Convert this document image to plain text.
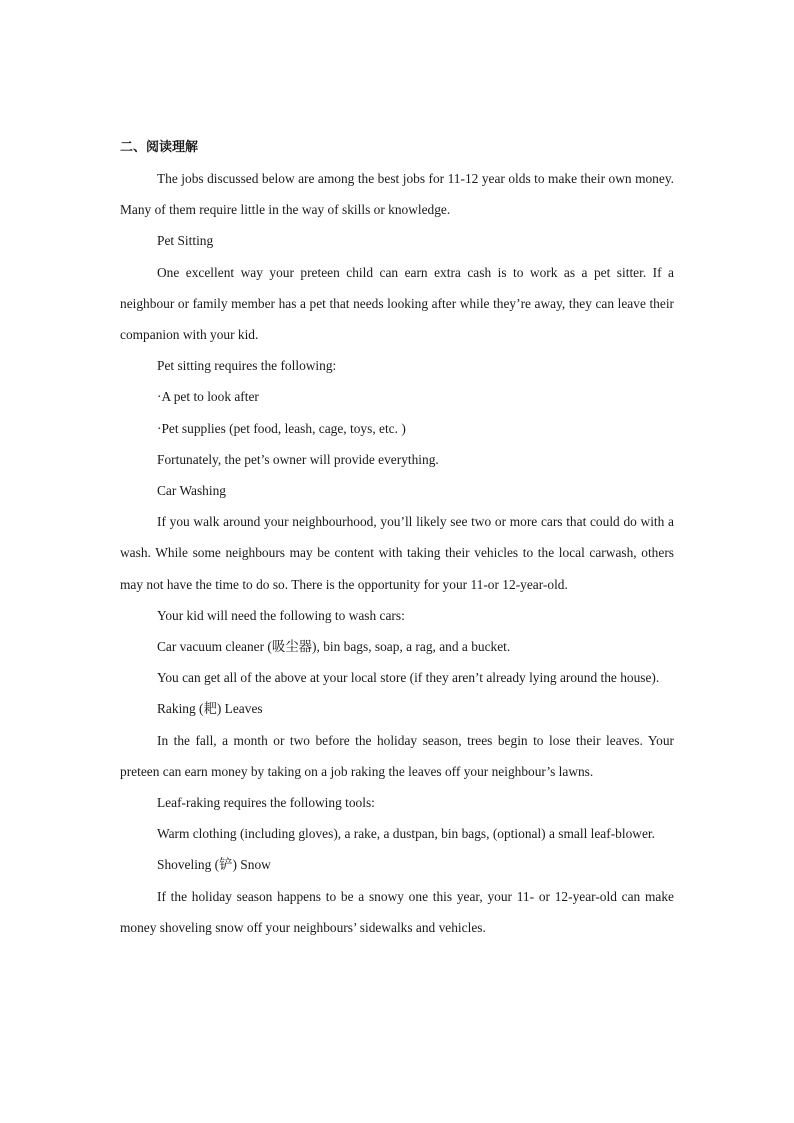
二、阅读理解

The jobs discussed below are among the best jobs for 11-12 year olds to make their own money. Many of them require little in the way of skills or knowledge.

Pet Sitting

One excellent way your preteen child can earn extra cash is to work as a pet sitter. If a neighbour or family member has a pet that needs looking after while they’re away, they can leave their companion with your kid.

Pet sitting requires the following:

·A pet to look after

·Pet supplies (pet food, leash, cage, toys, etc. )

Fortunately, the pet’s owner will provide everything.

Car Washing

If you walk around your neighbourhood, you’ll likely see two or more cars that could do with a wash. While some neighbours may be content with taking their vehicles to the local carwash, others may not have the time to do so. There is the opportunity for your 11-or 12-year-old.

Your kid will need the following to wash cars:

Car vacuum cleaner (吸尘器), bin bags, soap, a rag, and a bucket.

You can get all of the above at your local store (if they aren’t already lying around the house).

Raking (耙) Leaves

In the fall, a month or two before the holiday season, trees begin to lose their leaves. Your preteen can earn money by taking on a job raking the leaves off your neighbour’s lawns.

Leaf-raking requires the following tools:

Warm clothing (including gloves), a rake, a dustpan, bin bags, (optional) a small leaf-blower.

Shoveling (铲) Snow

If the holiday season happens to be a snowy one this year, your 11- or 12-year-old can make money shoveling snow off your neighbours’ sidewalks and vehicles.
